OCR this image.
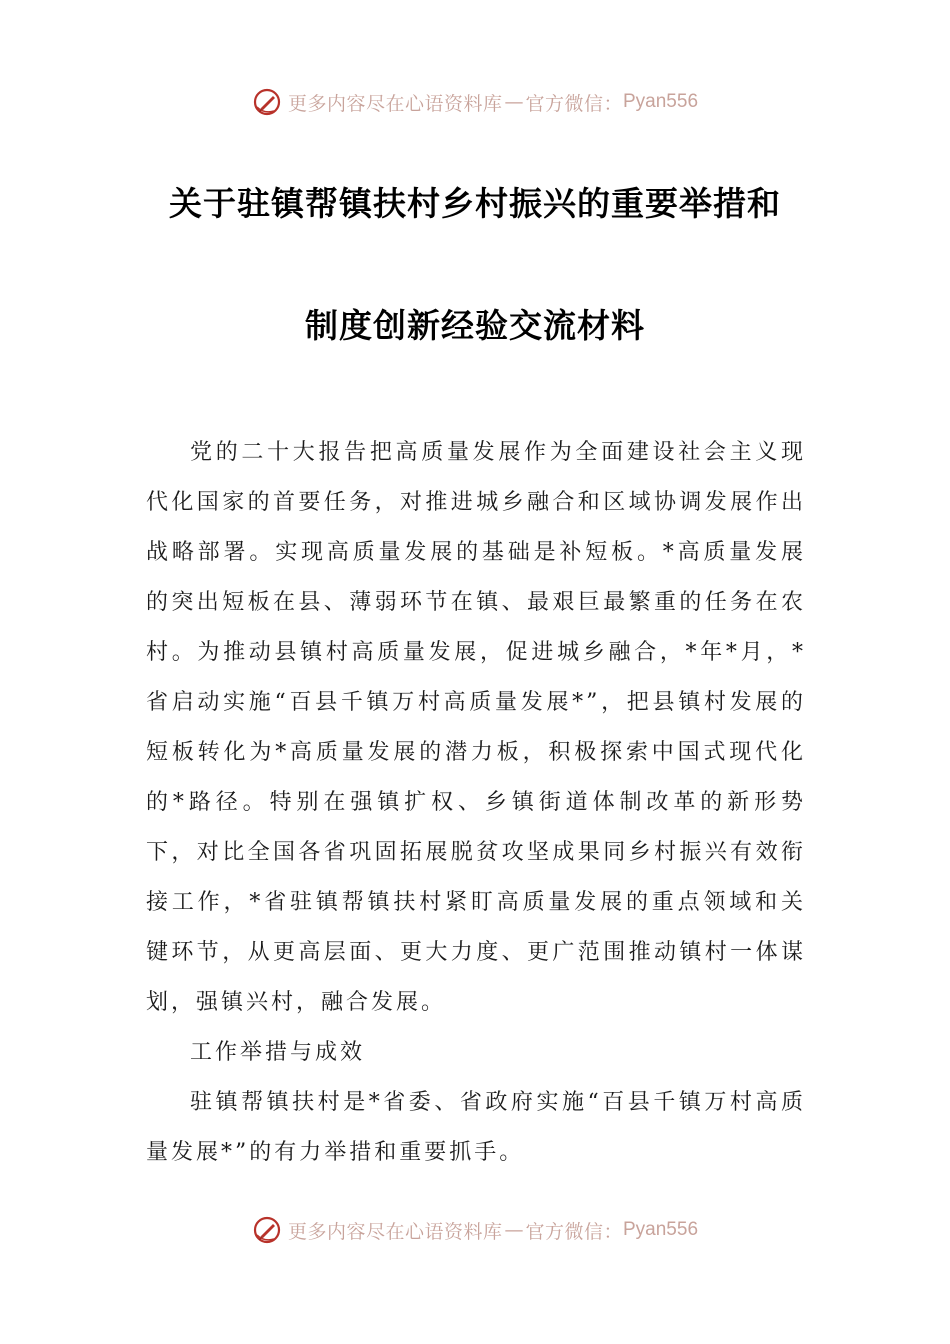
更多内容尽在心语资料库 — 官方微信： Pyan556
关于驻镇帮镇扶村乡村振兴的重要举措和
制度创新经验交流材料

党的二十大报告把高质量发展作为全面建设社会主义现代化国家的首要任务，对推进城乡融合和区域协调发展作出战略部署。实现高质量发展的基础是补短板。*高质量发展的突出短板在县、薄弱环节在镇、最艰巨最繁重的任务在农村。为推动县镇村高质量发展，促进城乡融合，*年*月，*省启动实施“百县千镇万村高质量发展*”，把县镇村发展的短板转化为*高质量发展的潜力板，积极探索中国式现代化的*路径。特别在强镇扩权、乡镇街道体制改革的新形势下，对比全国各省巩固拓展脱贫攻坚成果同乡村振兴有效衔接工作，*省驻镇帮镇扶村紧盯高质量发展的重点领域和关键环节，从更高层面、更大力度、更广范围推动镇村一体谋划，强镇兴村，融合发展。

工作举措与成效

驻镇帮镇扶村是*省委、省政府实施“百县千镇万村高质量发展*”的有力举措和重要抓手。

更多内容尽在心语资料库 — 官方微信： Pyan556
